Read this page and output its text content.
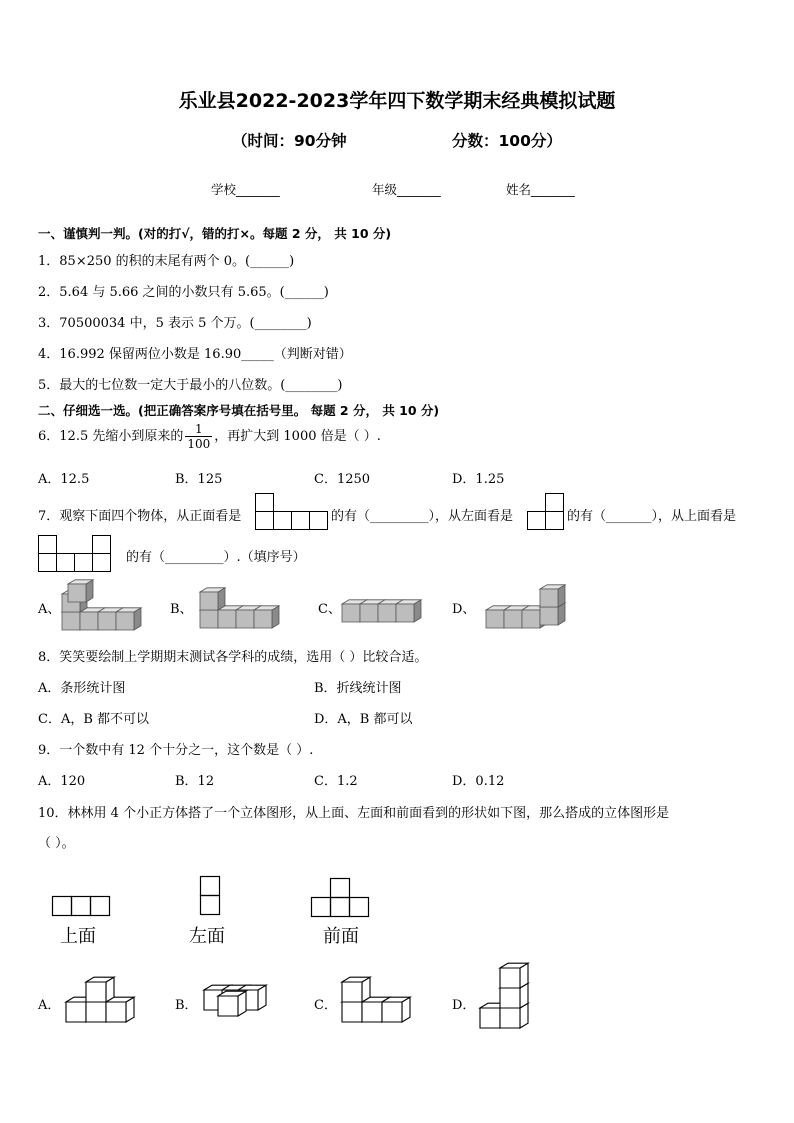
乐业县2022-2023学年四下数学期末经典模拟试题
（时间：90分钟	分数：100分）
学校_______	年级_______	姓名_______
一、谨慎判一判。(对的打√，错的打×。每题 2 分， 共 10 分)
1．85×250 的积的末尾有两个 0。(______)
2．5.64 与 5.66 之间的小数只有 5.65。(______)
3．70500034 中，5 表示 5 个万。(________)
4．16.992 保留两位小数是 16.90_____（判断对错）
5．最大的七位数一定大于最小的八位数。(________)
二、仔细选一选。(把正确答案序号填在括号里。 每题 2 分， 共 10 分)
6．12.5 先缩小到原来的 $\frac{1}{100}$ ，再扩大到 1000 倍是（ ）.
A．12.5	B．125	C．1250	D．1.25
7．观察下面四个物体，从正面看是	的有（_________），从左面看是	的有（_______），从上面看是
的有（_________）.（填序号）
A、	B、	C、	D、
8．笑笑要绘制上学期期末测试各学科的成绩，选用（ ）比较合适。
A．条形统计图	B．折线统计图
C．A，B 都不可以	D．A，B 都可以
9．一个数中有 12 个十分之一，这个数是（ ）.
A．120	B．12	C．1.2	D．0.12
10．林林用 4 个小正方体搭了一个立体图形，从上面、左面和前面看到的形状如下图，那么搭成的立体图形是
（ ）。
上面	左面	前面
A．	B．	C．	D．
